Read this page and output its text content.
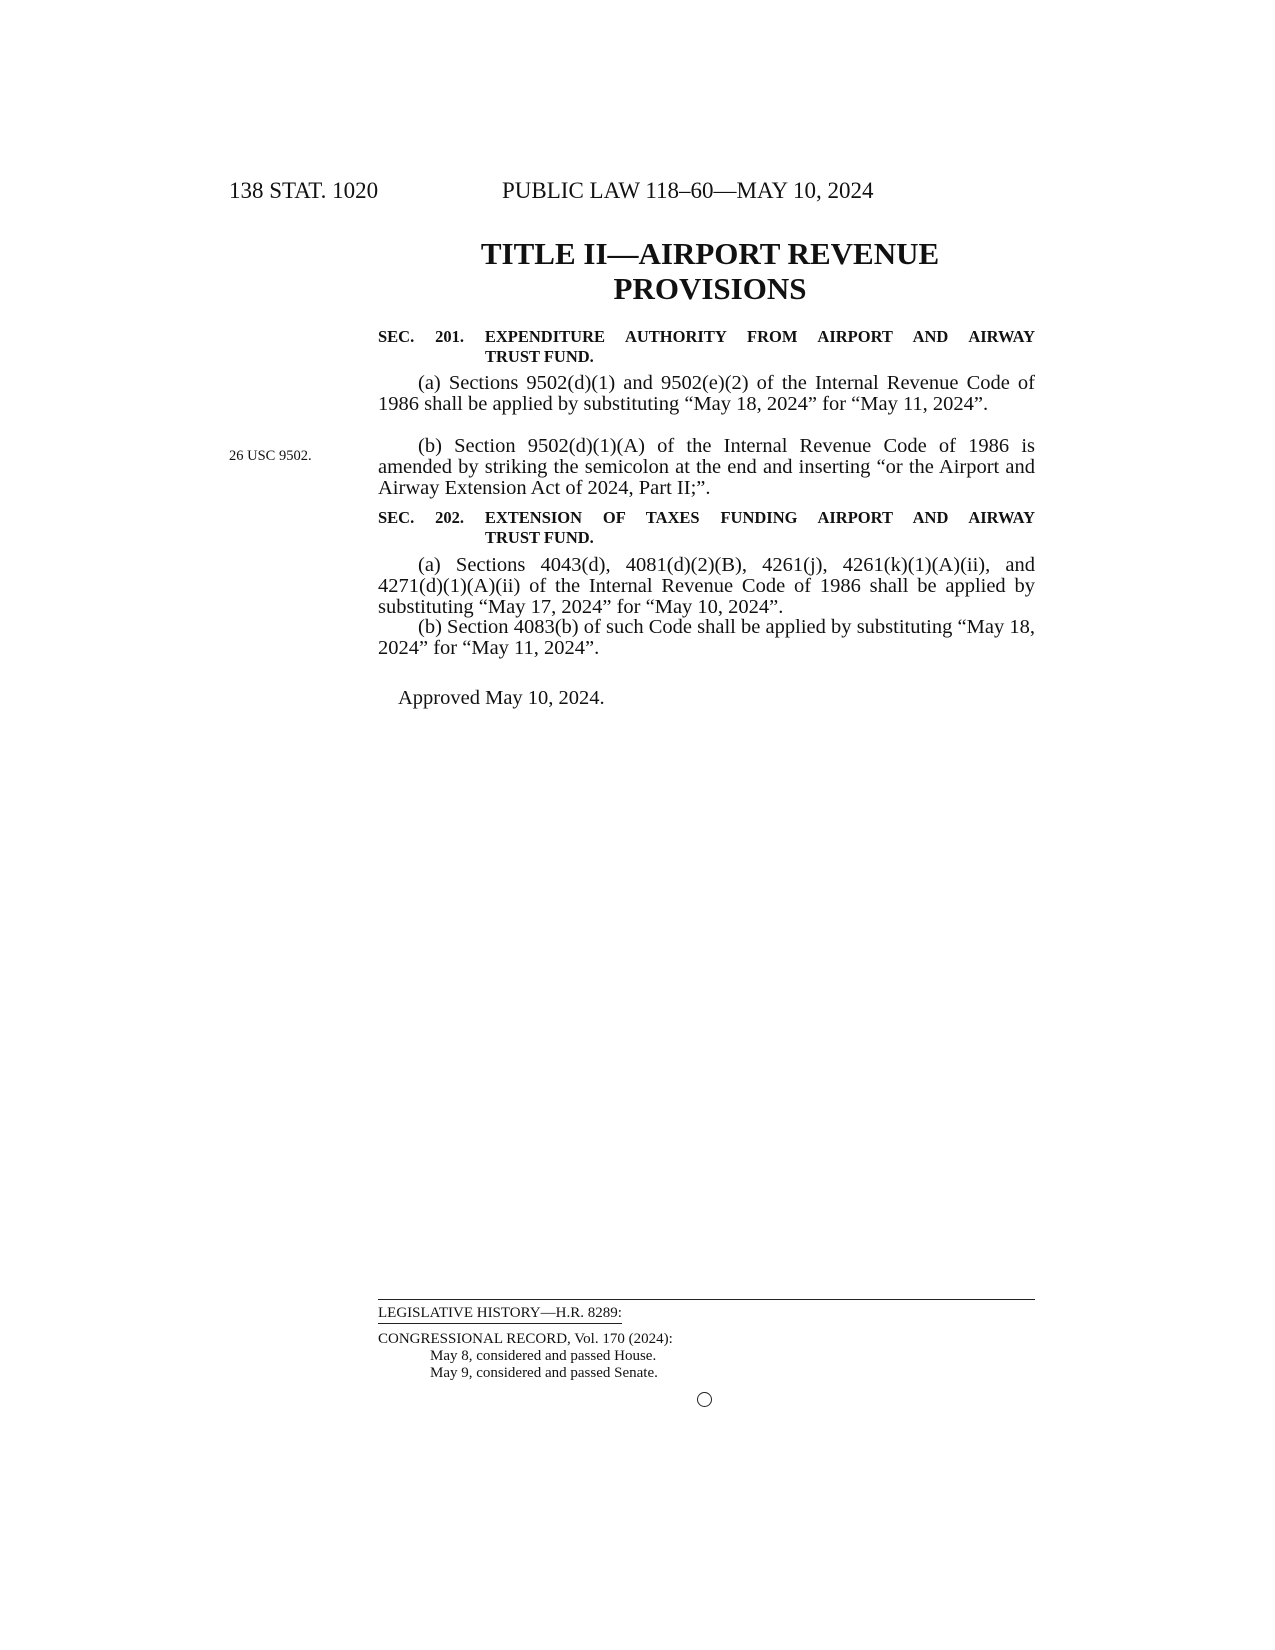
138 STAT. 1020	PUBLIC LAW 118–60—MAY 10, 2024
TITLE II—AIRPORT REVENUE
PROVISIONS
SEC. 201. EXPENDITURE AUTHORITY FROM AIRPORT AND AIRWAY
TRUST FUND.
(a) Sections 9502(d)(1) and 9502(e)(2) of the Internal Revenue Code of 1986 shall be applied by substituting “May 18, 2024” for “May 11, 2024”.
26 USC 9502.	(b) Section 9502(d)(1)(A) of the Internal Revenue Code of 1986 is amended by striking the semicolon at the end and inserting “or the Airport and Airway Extension Act of 2024, Part II;”.
SEC. 202. EXTENSION OF TAXES FUNDING AIRPORT AND AIRWAY
TRUST FUND.
(a) Sections 4043(d), 4081(d)(2)(B), 4261(j), 4261(k)(1)(A)(ii), and 4271(d)(1)(A)(ii) of the Internal Revenue Code of 1986 shall be applied by substituting “May 17, 2024” for “May 10, 2024”.
(b) Section 4083(b) of such Code shall be applied by substituting “May 18, 2024” for “May 11, 2024”.
Approved May 10, 2024.
LEGISLATIVE HISTORY—H.R. 8289:
CONGRESSIONAL RECORD, Vol. 170 (2024):
May 8, considered and passed House.
May 9, considered and passed Senate.
